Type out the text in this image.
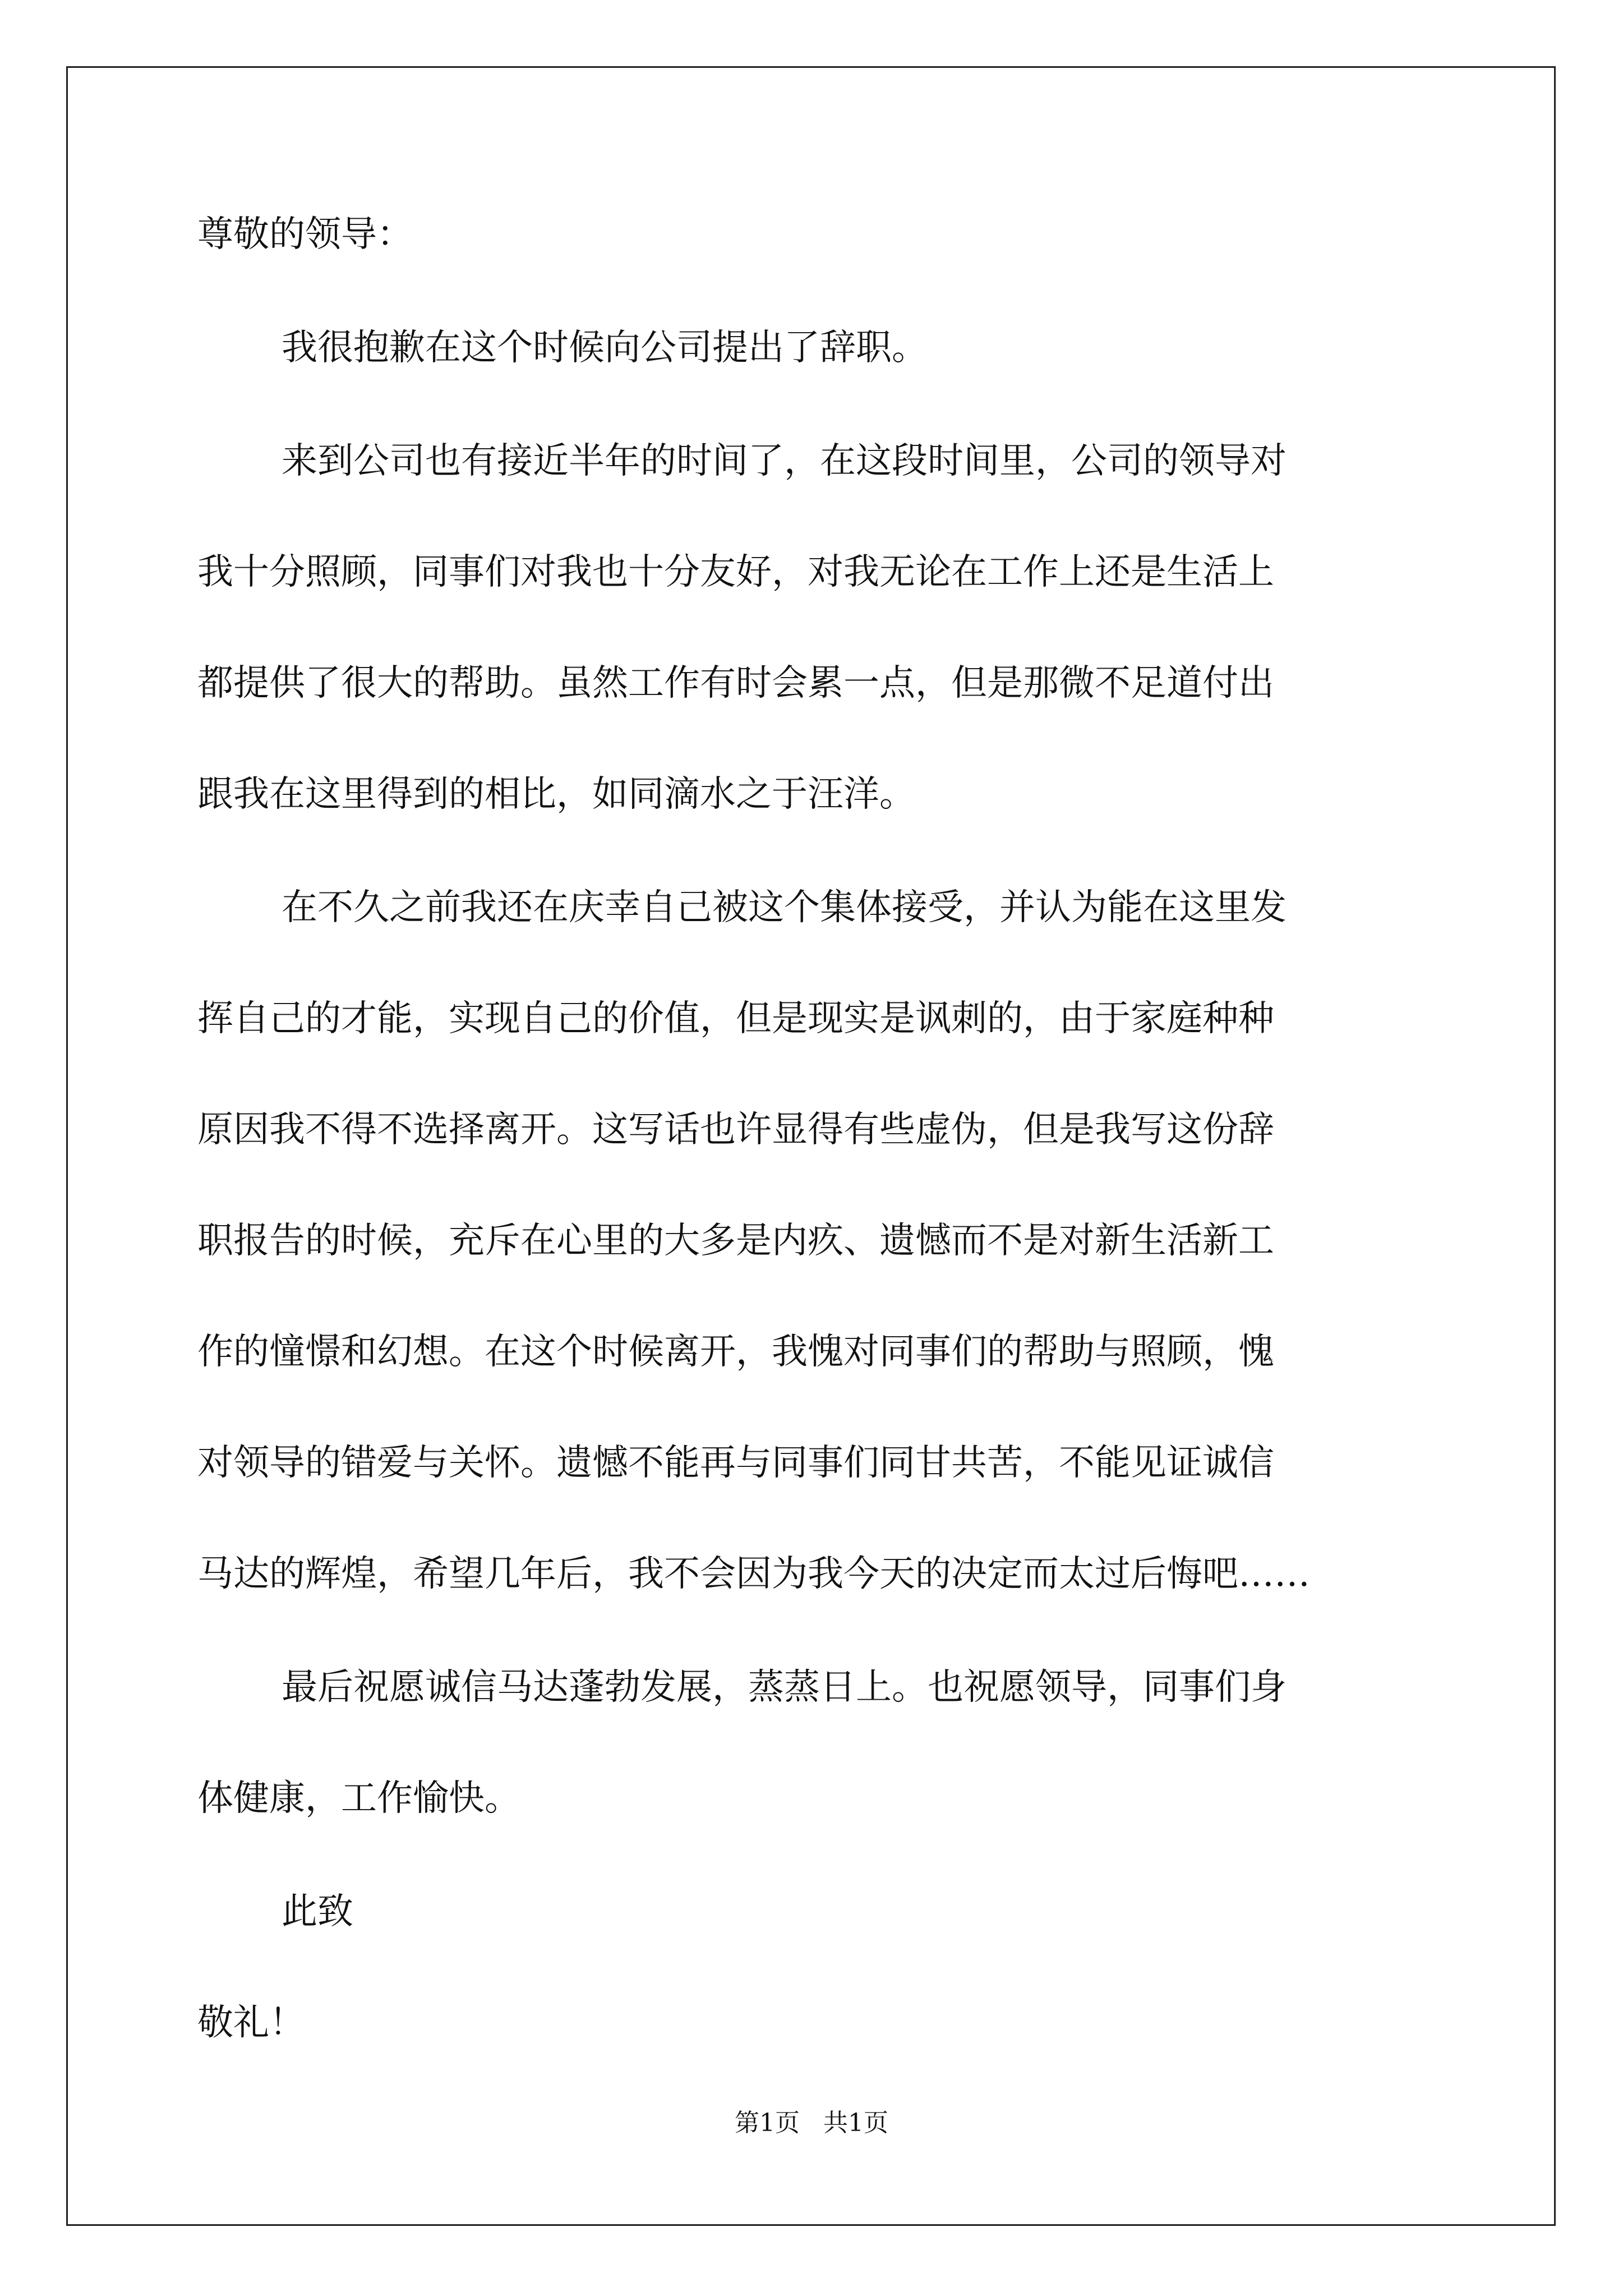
尊敬的领导：

我很抱歉在这个时候向公司提出了辞职。

来到公司也有接近半年的时间了，在这段时间里，公司的领导对

我十分照顾，同事们对我也十分友好，对我无论在工作上还是生活上

都提供了很大的帮助。虽然工作有时会累一点，但是那微不足道付出

跟我在这里得到的相比，如同滴水之于汪洋。

在不久之前我还在庆幸自己被这个集体接受，并认为能在这里发

挥自己的才能，实现自己的价值，但是现实是讽刺的，由于家庭种种

原因我不得不选择离开。这写话也许显得有些虚伪，但是我写这份辞

职报告的时候，充斥在心里的大多是内疚、遗憾而不是对新生活新工

作的憧憬和幻想。在这个时候离开，我愧对同事们的帮助与照顾，愧

对领导的错爱与关怀。遗憾不能再与同事们同甘共苦，不能见证诚信

马达的辉煌，希望几年后，我不会因为我今天的决定而太过后悔吧……

最后祝愿诚信马达蓬勃发展，蒸蒸日上。也祝愿领导，同事们身

体健康，工作愉快。

此致

敬礼！

第1页   共1页
